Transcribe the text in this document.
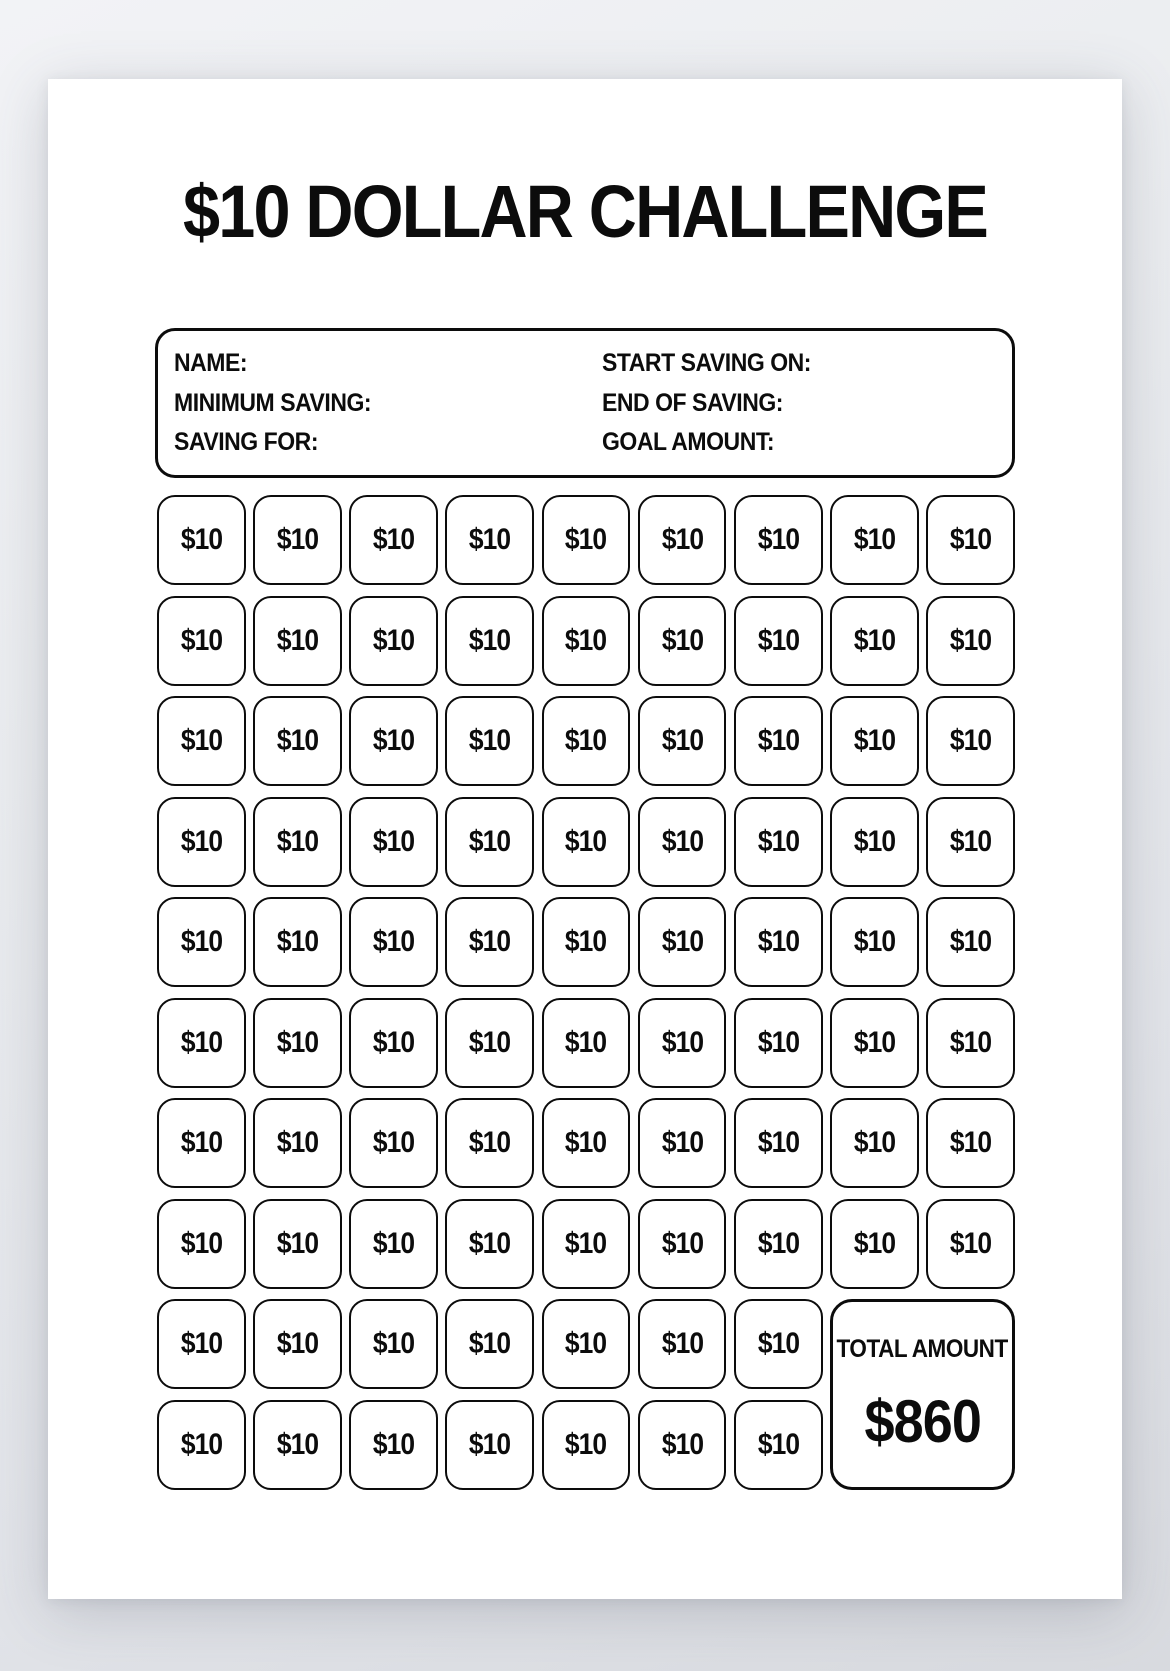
$10 DOLLAR CHALLENGE
NAME:
MINIMUM SAVING:
SAVING FOR:
START SAVING ON:
END OF SAVING:
GOAL AMOUNT:
$10 $10 $10 $10 $10 $10 $10 $10 $10
$10 $10 $10 $10 $10 $10 $10 $10 $10
$10 $10 $10 $10 $10 $10 $10 $10 $10
$10 $10 $10 $10 $10 $10 $10 $10 $10
$10 $10 $10 $10 $10 $10 $10 $10 $10
$10 $10 $10 $10 $10 $10 $10 $10 $10
$10 $10 $10 $10 $10 $10 $10 $10 $10
$10 $10 $10 $10 $10 $10 $10 $10 $10
TOTAL AMOUNT
$860
$10 $10 $10 $10 $10 $10 $10
$10 $10 $10 $10 $10 $10 $10
